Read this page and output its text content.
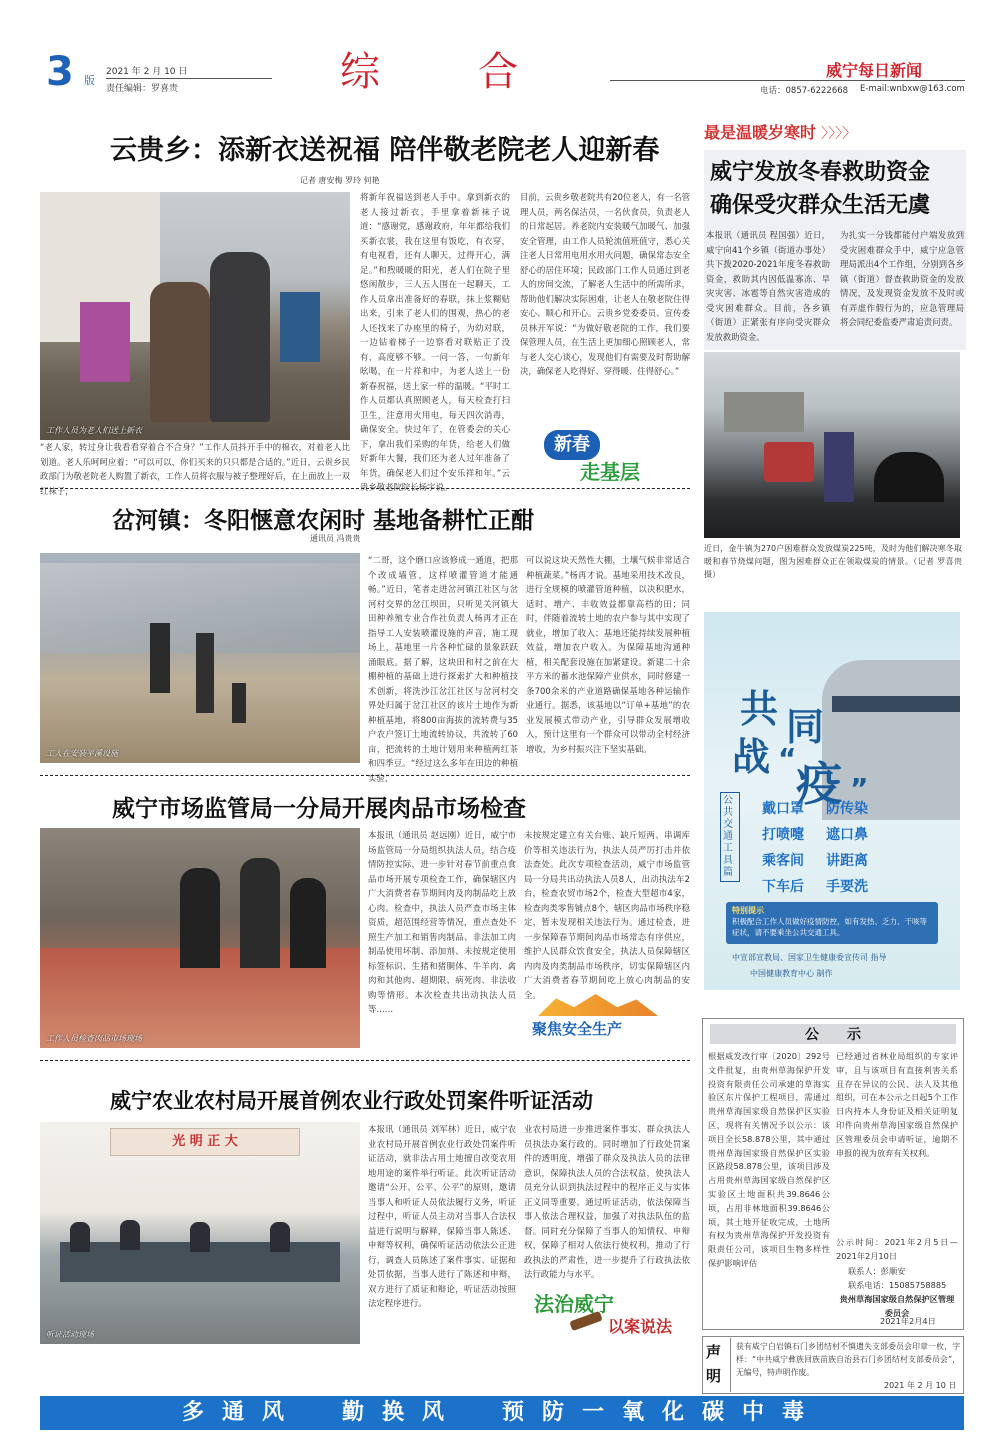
3 版
2021 年 2 月 10 日
责任编辑：罗喜贵	综　　合	威宁每日新闻
电话：0857-6222668 E-mail:wnbxw@163.com
云贵乡：添新衣送祝福 陪伴敬老院老人迎新春
记者 唐安梅 罗玲 何艳
工作人员为老人们送上新衣
“老人家，转过身让我看看穿着合不合身？”工作人员抖开手中的棉衣，对着老人比划道。老人乐呵呵应着：“可以可以，你们买来的只只都是合适的。”近日，云贵乡民政部门为敬老院老人购置了新衣，工作人员将衣服与被子整理好后，在上面放上一双红袜子，
将新年祝福送到老人手中。拿到新衣的老人接过新衣，手里拿着新袜子说道：“感谢党，感谢政府，年年都给我们买新衣裳，我在这里有饭吃，有衣穿，有电视看，还有人聊天，过得开心，满足。”和煦暖暖的阳光，老人们在院子里悠闲散步，三人五人围在一起聊天，工作人员拿出准备好的春联，抹上浆糊贴出来，引来了老人们的围观，热心的老人还找来了办座里的椅子，为幼对联，一边钻着梯子一边察看对联贴正了没有，高度够不够。一问一答，一句新年吆喝，在一片祥和中，为老人送上一份新春祝福，送上家一样的温暖。“平时工作人员都认真照顾老人，每天检查打扫卫生，注意用火用电，每天四次消毒，确保安全。快过年了，在管委会的关心下，拿出我们采购的年货，给老人们做好新年大餐，我们还为老人过年准备了年货，确保老人们过个安乐祥和年。”云贵乡敬老院院长杨宇说。
目前，云贵乡敬老院共有20位老人，有一名管理人员，两名保洁员，一名伙食员，负责老人的日常起居。养老院内安装暖气加暖气、加强安全管理，由工作人员轮流值班值守，悉心关注老人日常用电用水用火问题，确保常态安全舒心的居住环境；民政部门工作人员通过到老人的房间交流，了解老人生活中的所需所求，帮助他们解决实际困难，让老人在敬老院住得安心、顺心和开心。云贵乡党委委员、宣传委员林开军说：“为做好敬老院的工作，我们要保管理人员，在生活上更加细心照顾老人，常与老人交心谈心，发现他们有需要及时帮助解决，确保老人吃得好、穿得暖、住得舒心。”
新春
走基层
最是温暖岁寒时 〉〉〉〉
威宁发放冬春救助资金
确保受灾群众生活无虞
本报讯（通讯员 程国强）近日，威宁向41个乡镇（街道办事处）共下拨2020-2021年度冬春救助资金，救助其内因低温寡冻、旱灾灾害、冰雹等自然灾害造成的受灾困难群众。目前，各乡镇（街道）正紧张有序向受灾群众发放救助资金。
为扎实一分钱都能付户端发放到受灾困难群众手中，威宁应急管理局派出4个工作组，分别到各乡镇（街道）督查救助资金的发放情况，及发现资金发放不及时或有弄虚作假行为的，应急管理局将会同纪委监委严肃追责问责。
近日，金牛镇为270户困难群众发放煤炭225吨，及时为他们解决寒冬取暖和春节烧煤问题，图为困难群众正在领取煤炭的情景。（记者 罗喜贵 摄）
岔河镇：冬阳惬意农闲时 基地备耕忙正酣
通讯员 冯贵贵
工人在安装平溪设施
“二哥，这个磨口应该修成一通道，把那个改成墙管，这样喷灌管道才能通畅。”近日，笔者走进岔河镇江社区与岔河村交界的岔江坝田，只听见关河镇大田种养殖专业合作社负责人杨再才正在指导工人安装喷灌设施的声音，施工现场上，基地里一片各种忙碌的景象跃跃涌眼底。据了解，这块田和村之前在大棚种植的基础上进行探索扩大和种植技术创新，将洗沙江岔江社区与岔河村交界处归属于岔江社区的该片土地作为新种植基地，将800亩海拔的流转费与35户农户签订土地流转协议，共流转了60亩，把流转的土地计划用来种植两红茶和四季豆。“经过这么多年在田边的种植实验，
可以说这块天然性大棚，土壤气候非常适合种植蔬菜。”杨再才说。基地采用技术改良，进行全规模的喷灌管道种植，以决积肥水，适时、增产、丰收效益都靠高档的田；同时，伴随着流转土地的农户参与其中实现了就业，增加了收入；基地还能持续发展种植效益，增加农户收入。为保障基地沟通种植，相关配套设施在加紧建设。新建二十余平方米的蓄水池保障产业供水，同时修建一条700余米的产业道路确保基地各种运输作业通行。据悉，该基地以“订单+基地”的农业发展模式带动产业，引导群众发展增收入，预计这里有一个群众可以带动全村经济增收，为乡村振兴注下坚实基础。
共 同
战 “ 疫 ”
公共交通工具篇
戴口罩 防传染
打喷嚏 遮口鼻
乘客间 讲距离
下车后 手要洗
特别提示
积极配合工作人员做好疫情防控，如有发热、乏力、干咳等症状，请不要乘坐公共交通工具。
中宣部宣教局、国家卫生健康委宣传司 指导
中国健康教育中心 制作
威宁市场监管局一分局开展肉品市场检查
工作人员检查肉品市场现场
本报讯（通讯员 赵远刚）近日，威宁市场监管局一分局组织执法人员，结合疫情防控实际，进一步针对春节前重点食品市场开展专项检查工作，确保辖区内广大消费者春节期间肉及肉制品吃上放心肉。检查中，执法人员严查市场主体资质，超范围经营等情况，重点查处不照生产加工和销售肉制品、非法加工肉制品使用坏制、添加剂、未按规定使用标签标识、生猪和猪胴体、牛羊肉、禽肉和其他肉、超期限、病死肉、非法收购等情形。本次检查共出动执法人员等……
未按规定建立有关台账、缺斤短两、串调库价等相关违法行为，执法人员严厉打击并依法查处。此次专项检查活动，威宁市场监管局一分局共出动执法人员8人，出动执法车2台，检查农贸市场2个，检查大型超市4家，检查肉类零售铺点8个，辖区肉品市场秩序稳定，暂未发现相关违法行为。通过检查，进一步保障春节期间肉品市场常态有序供应，维护人民群众饮食安全，执法人员保障辖区内肉及肉类制品市场秩序，切实保障辖区内广大消费者春节期间吃上放心肉制品的安全。
聚焦安全生产
威宁农业农村局开展首例农业行政处罚案件听证活动
光 明 正 大
听证活动现场
本报讯（通讯员 刘军林）近日，威宁农业农村局开展首例农业行政处罚案件听证活动，就非法占用土地擅自改变农用地用途的案件举行听证。此次听证活动邀请“公开、公平、公平”的原则，邀请当事人和听证人员依法履行义务，听证过程中，听证人员主动对当事人合法权益进行说明与解释，保障当事人陈述、申辩等权利，确保听证活动依法公正进行，调查人员陈述了案件事实、证据和处罚依据，当事人进行了陈述和申辩，双方进行了质证和辩论，听证活动按照法定程序进行。
业农村局进一步推进案件事实、群众执法人员执法办案行政的。同时增加了行政处罚案件的透明度，增强了群众及执法人员的法律意识，保障执法人员的合法权益，使执法人员充分认识到执法过程中的程序正义与实体正义同等重要。通过听证活动，依法保障当事人依法合理权益，加强了对执法队伍的监督。同时充分保障了当事人的知情权、申辩权，保障了相对人依法行使权利，推动了行政执法的严肃性，进一步提升了行政执法依法行政能力与水平。
法治威宁
以案说法
公　　示
根据威发改行审〔2020〕292号文件批复，由贵州草海保护开发投资有限责任公司承建的草海实验区东片保护工程项目，需通过贵州草海国家级自然保护区实验区，现将有关情况予以公示：该项目全长58.878公里，其中通过贵州草海国家级自然保护区实验区路段58.878公里，该项目涉及占用贵州草海国家级自然保护区实验区土地面积共39.8646公顷，占用非林地面积39.8646公顷，其土地开征收完成，土地所有权为贵州草海保护开发投资有限责任公司，该项目生物多样性保护影响评估
已经通过省林业局组织的专家评审，且与该项目有直接利害关系且存在异议的公民、法人及其他组织，可在本公示之日起5个工作日内持本人身份证及相关证明复印件向贵州草海国家级自然保护区管理委员会申请听证，逾期不申报的视为放弃有关权利。
公示时间：2021年2月5日—2021年2月10日
联系人：彭顺安
联系电话：15085758885
贵州草海国家级自然保护区管理委员会
2021年2月4日
声明
获有威宁白岩镇石门乡团结村不慎遗失支部委员会印章一枚，字样：“中共威宁彝族回族苗族自治县石门乡团结村支部委员会”，无编号，特声明作废。
2021 年 2 月 10 日
多通风　勤换风　预防一氧化碳中毒
